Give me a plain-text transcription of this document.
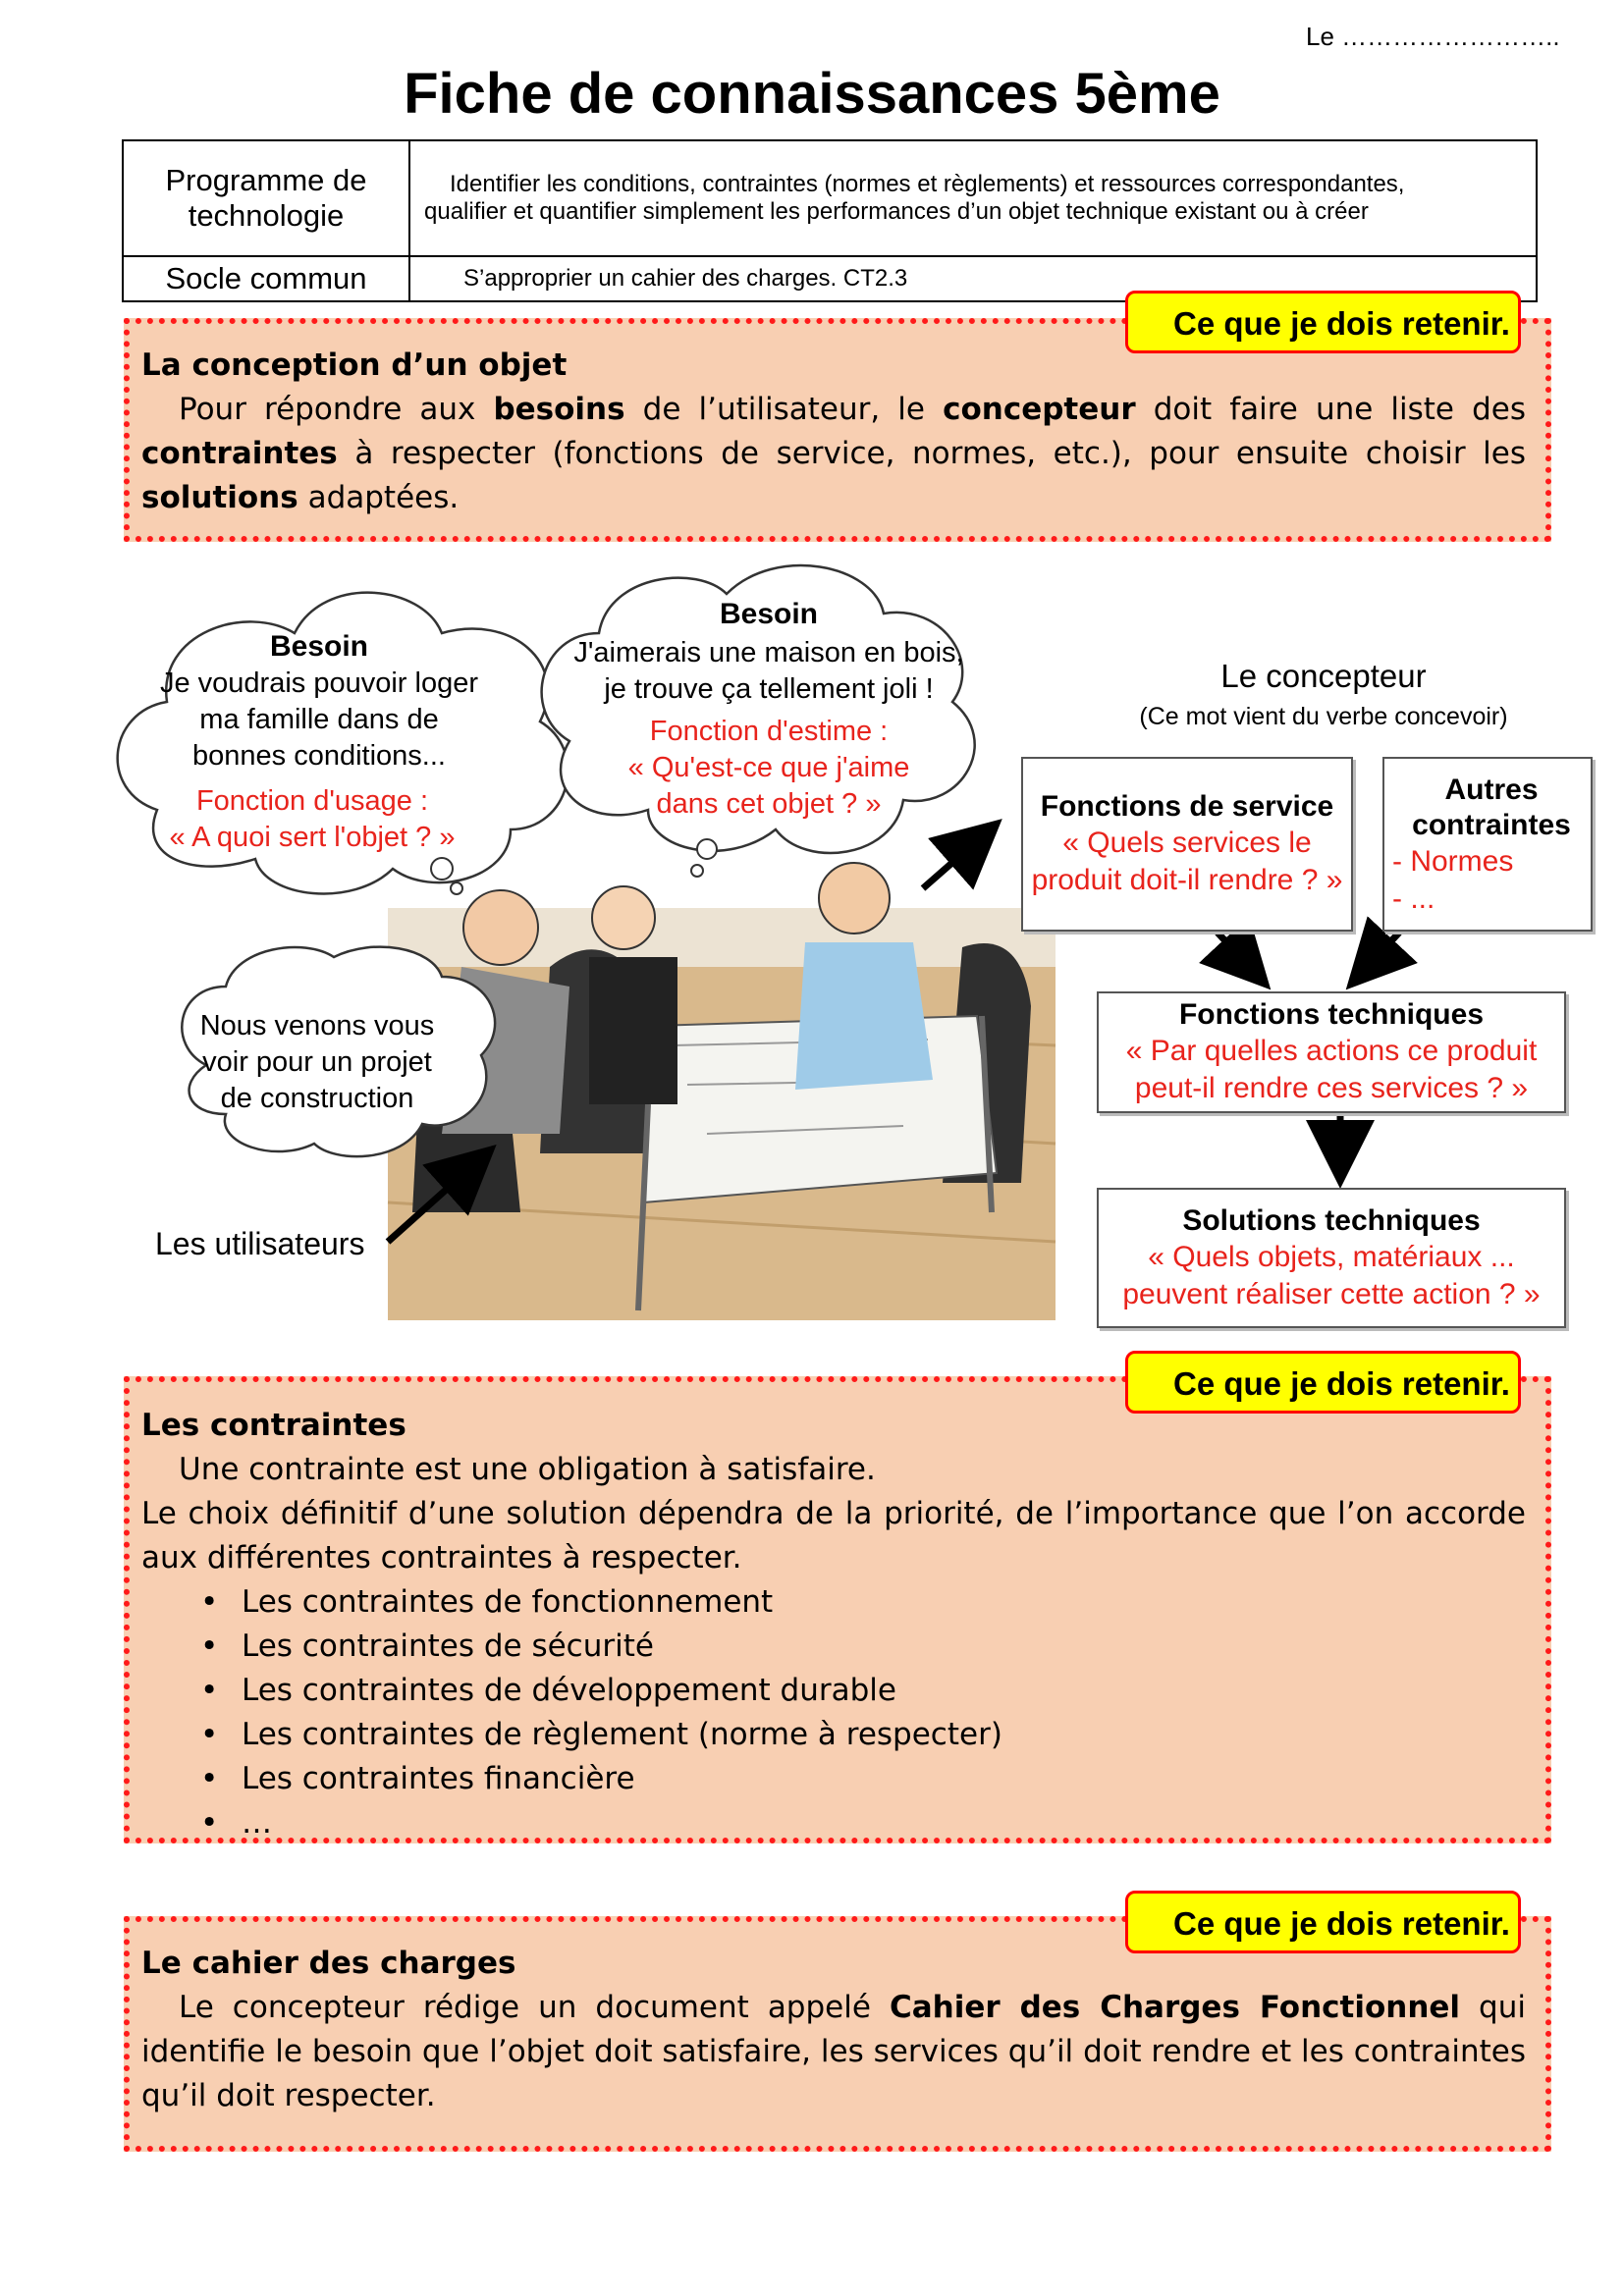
Le ……………………..
Fiche de connaissances 5ème
Programme de technologie	Identifier les conditions, contraintes (normes et règlements) et ressources correspondantes,
qualifier et quantifier simplement les performances d’un objet technique existant ou à créer

Socle commun	S’approprier un cahier des charges. CT2.3
La conception d’un objet

Pour répondre aux besoins de l’utilisateur, le concepteur doit faire une liste des contraintes à respecter (fonctions de service, normes, etc.), pour ensuite choisir les solutions adaptées.

Ce que je dois retenir.
Besoin
Je voudrais pouvoir loger
ma famille dans de
bonnes conditions...
Fonction d'usage :
« A quoi sert l'objet ? »
Besoin
J'aimerais une maison en bois,
je trouve ça tellement joli !
Fonction d'estime :
« Qu'est-ce que j'aime
dans cet objet ? »
Nous venons vous
voir pour un projet
de construction
Les utilisateurs
Le concepteur
(Ce mot vient du verbe concevoir)
Fonctions de service
« Quels services le
produit doit-il rendre ? »
Autres
contraintes
- Normes
- ...
Fonctions techniques
« Par quelles actions ce produit
peut-il rendre ces services ? »
Solutions techniques
« Quels objets, matériaux ...
peuvent réaliser cette action ? »
Les contraintes

Une contrainte est une obligation à satisfaire.

Le choix définitif d’une solution dépendra de la priorité, de l’importance que l’on accorde aux différentes contraintes à respecter.

• Les contraintes de fonctionnement
• Les contraintes de sécurité
• Les contraintes de développement durable
• Les contraintes de règlement (norme à respecter)
• Les contraintes financière
• …
Ce que je dois retenir.
Le cahier des charges

Le concepteur rédige un document appelé Cahier des Charges Fonctionnel qui identifie le besoin que l’objet doit satisfaire, les services qu’il doit rendre et les contraintes qu’il doit respecter.

Ce que je dois retenir.
